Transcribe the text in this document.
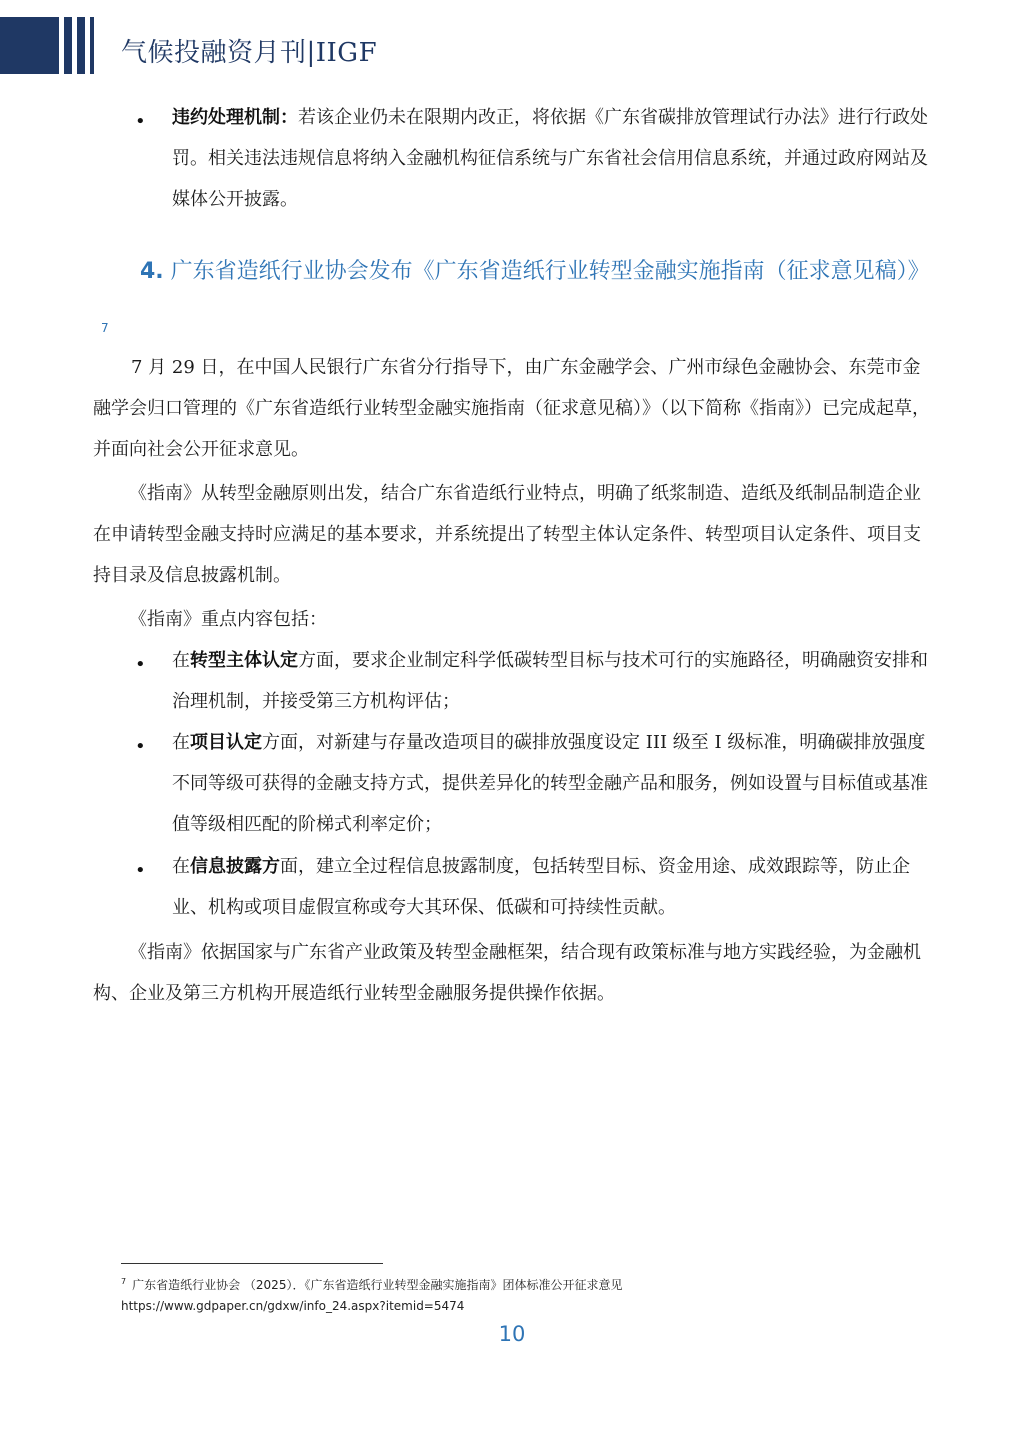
气候投融资月刊|IIGF
• 违约处理机制：若该企业仍未在限期内改正，将依据《广东省碳排放管理试行办法》进行行政处罚。相关违法违规信息将纳入金融机构征信系统与广东省社会信用信息系统，并通过政府网站及媒体公开披露。
4. 广东省造纸行业协会发布《广东省造纸行业转型金融实施指南（征求意见稿）》$^7$
7 月 29 日，在中国人民银行广东省分行指导下，由广东金融学会、广州市绿色金融协会、东莞市金融学会归口管理的《广东省造纸行业转型金融实施指南（征求意见稿）》（以下简称《指南》）已完成起草，并面向社会公开征求意见。
《指南》从转型金融原则出发，结合广东省造纸行业特点，明确了纸浆制造、造纸及纸制品制造企业在申请转型金融支持时应满足的基本要求，并系统提出了转型主体认定条件、转型项目认定条件、项目支持目录及信息披露机制。
《指南》重点内容包括：
• 在转型主体认定方面，要求企业制定科学低碳转型目标与技术可行的实施路径，明确融资安排和治理机制，并接受第三方机构评估；
• 在项目认定方面，对新建与存量改造项目的碳排放强度设定 III 级至 I 级标准，明确碳排放强度不同等级可获得的金融支持方式，提供差异化的转型金融产品和服务，例如设置与目标值或基准值等级相匹配的阶梯式利率定价；
• 在信息披露方面，建立全过程信息披露制度，包括转型目标、资金用途、成效跟踪等，防止企业、机构或项目虚假宣称或夸大其环保、低碳和可持续性贡献。
《指南》依据国家与广东省产业政策及转型金融框架，结合现有政策标准与地方实践经验，为金融机构、企业及第三方机构开展造纸行业转型金融服务提供操作依据。
$^7$ 广东省造纸行业协会 （2025）．《广东省造纸行业转型金融实施指南》团体标准公开征求意见
https://www.gdpaper.cn/gdxw/info_24.aspx?itemid=5474
10
